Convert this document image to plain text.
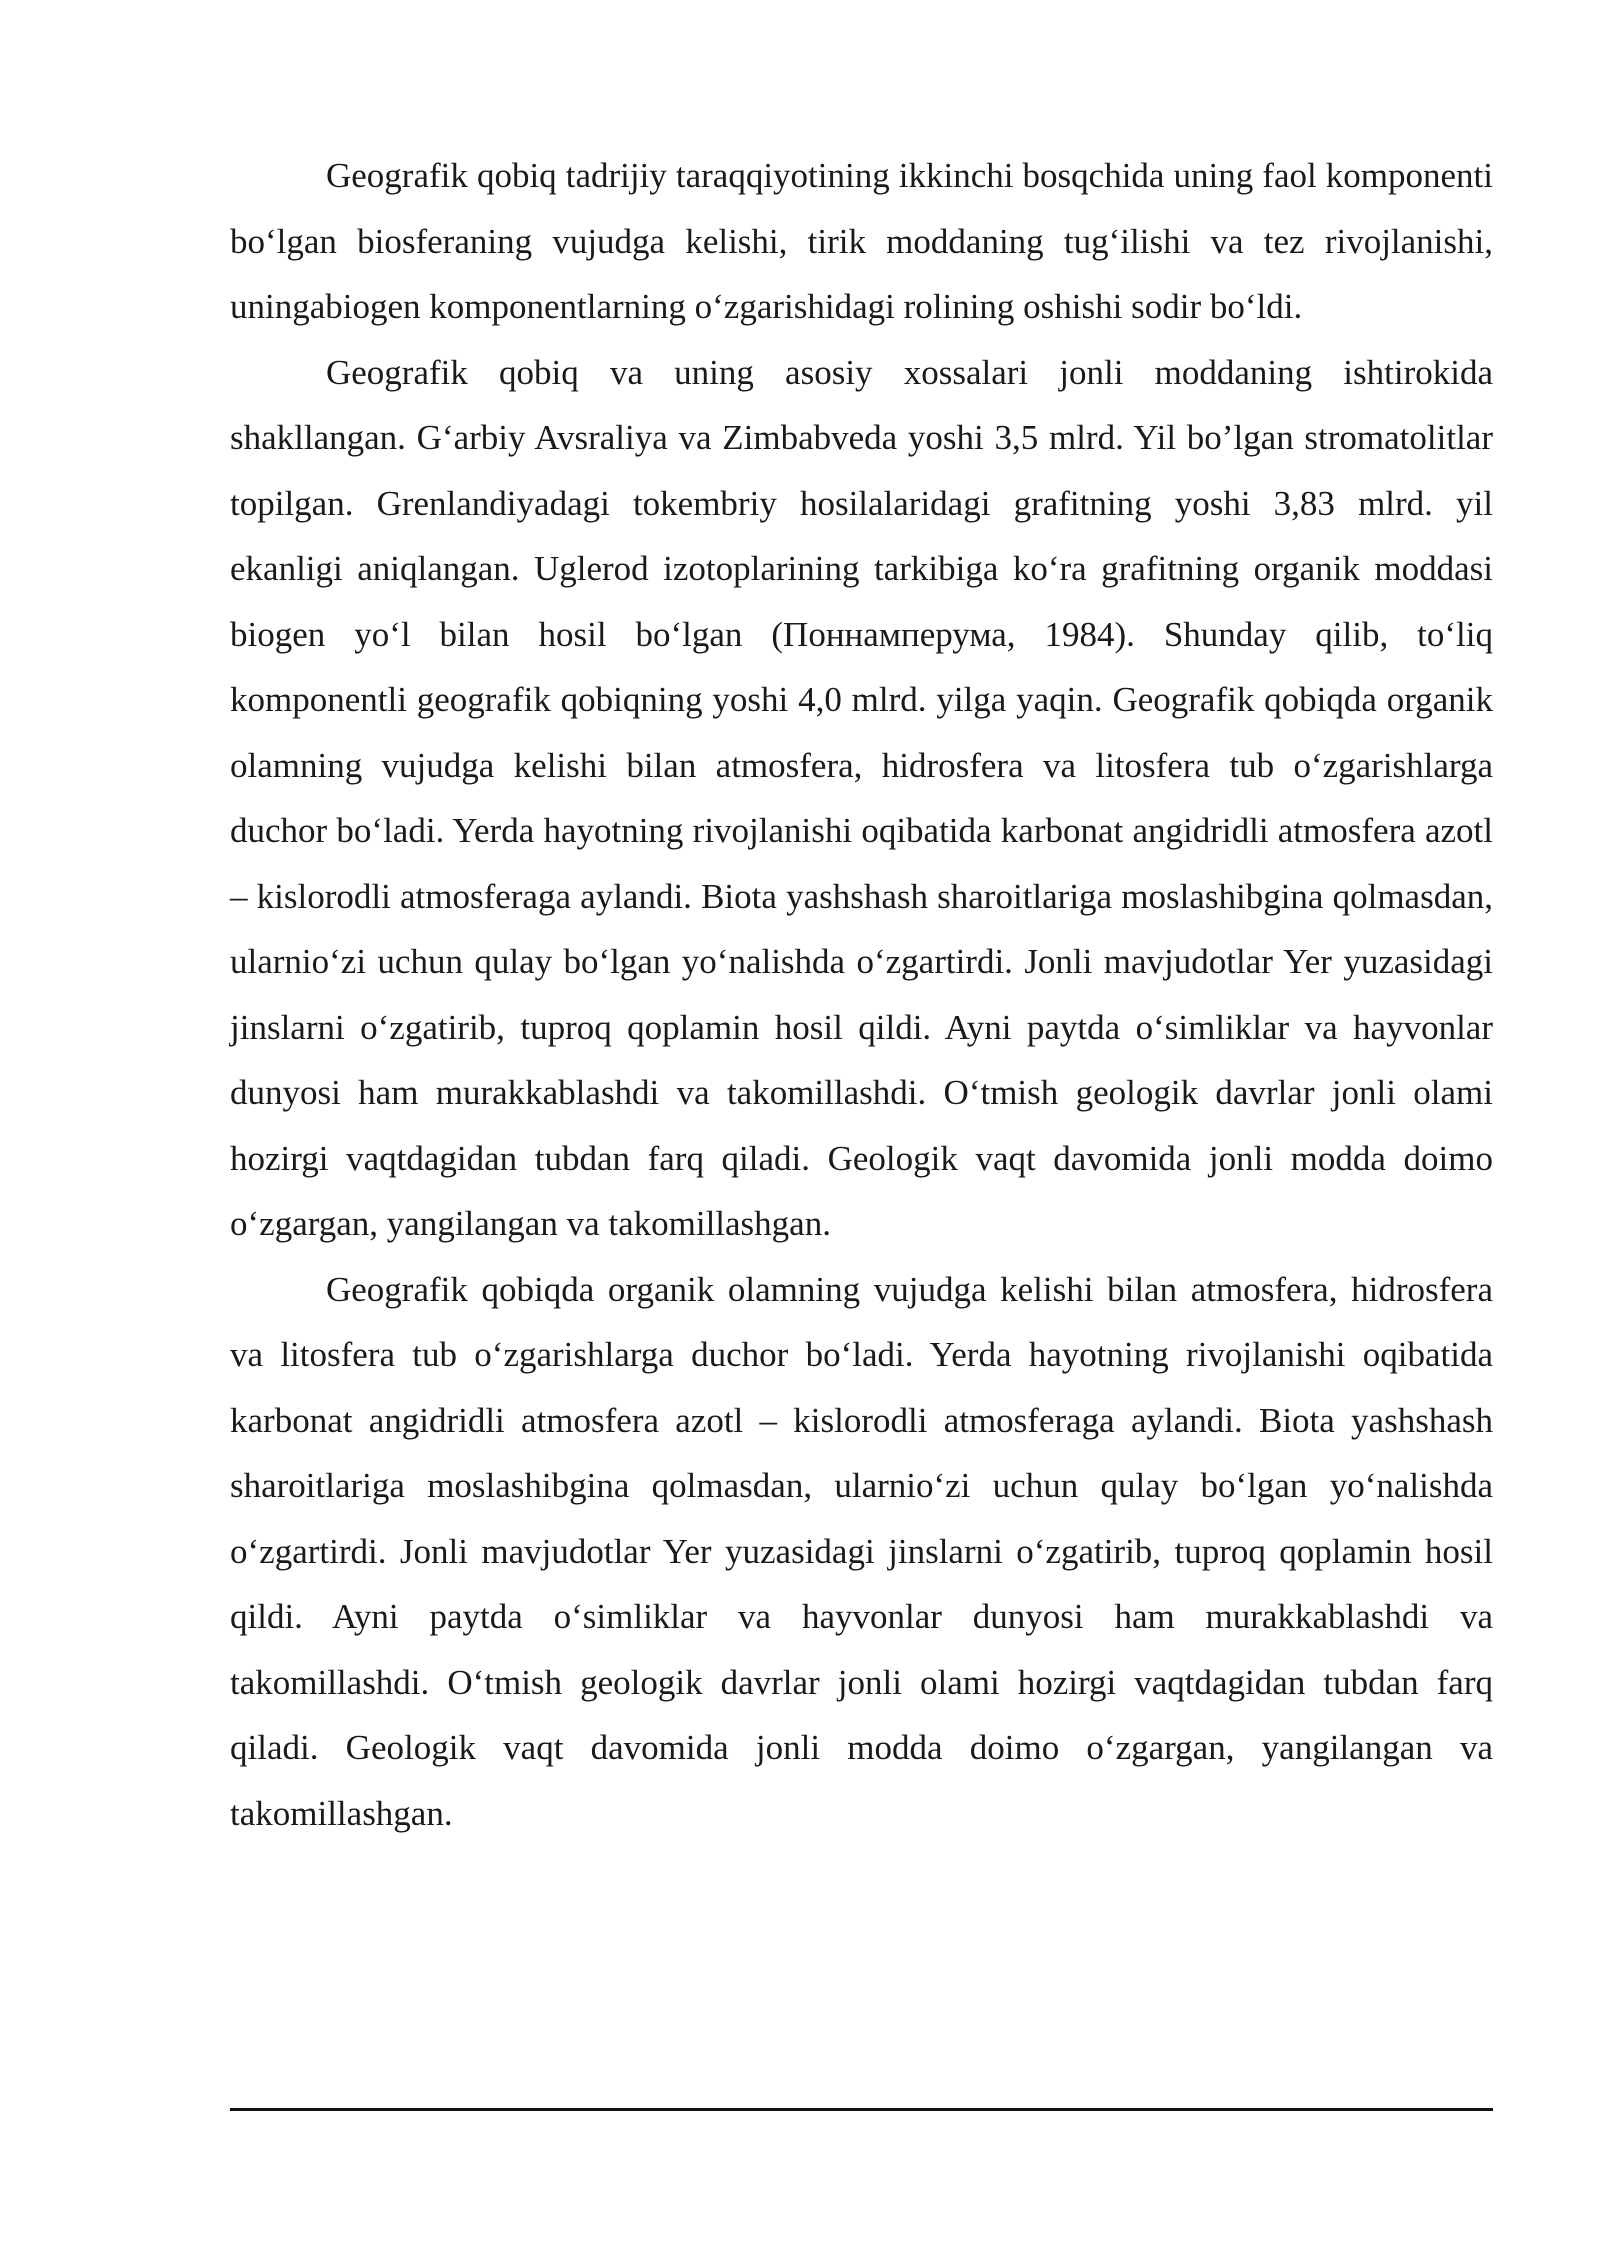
Geografik qobiq tadrijiy taraqqiyotining ikkinchi bosqchida uning faol komponenti bo‘lgan biosferaning vujudga kelishi, tirik moddaning tug‘ilishi va tez rivojlanishi, uningabiogen komponentlarning o‘zgarishidagi rolining oshishi sodir bo‘ldi.

Geografik qobiq va uning asosiy xossalari jonli moddaning ishtirokida shakllangan. G‘arbiy Avsraliya va Zimbabveda yoshi 3,5 mlrd. Yil bo’lgan stromatolitlar topilgan. Grenlandiyadagi tokembriy hosilalaridagi grafitning yoshi 3,83 mlrd. yil ekanligi aniqlangan. Uglerod izotoplarining tarkibiga ko‘ra grafitning organik moddasi biogen yo‘l bilan hosil bo‘lgan (Поннамперума, 1984). Shunday qilib, to‘liq komponentli geografik qobiqning yoshi 4,0 mlrd. yilga yaqin. Geografik qobiqda organik olamning vujudga kelishi bilan atmosfera, hidrosfera va litosfera tub o‘zgarishlarga duchor bo‘ladi. Yerda hayotning rivojlanishi oqibatida karbonat angidridli atmosfera azotl – kislorodli atmosferaga aylandi. Biota yashshash sharoitlariga moslashibgina qolmasdan, ularnio‘zi uchun qulay bo‘lgan yo‘nalishda o‘zgartirdi. Jonli mavjudotlar Yer yuzasidagi jinslarni o‘zgatirib, tuproq qoplamin hosil qildi. Ayni paytda o‘simliklar va hayvonlar dunyosi ham murakkablashdi va takomillashdi. O‘tmish geologik davrlar jonli olami hozirgi vaqtdagidan tubdan farq qiladi. Geologik vaqt davomida jonli modda doimo o‘zgargan, yangilangan va takomillashgan.

Geografik qobiqda organik olamning vujudga kelishi bilan atmosfera, hidrosfera va litosfera tub o‘zgarishlarga duchor bo‘ladi. Yerda hayotning rivojlanishi oqibatida karbonat angidridli atmosfera azotl – kislorodli atmosferaga aylandi. Biota yashshash sharoitlariga moslashibgina qolmasdan, ularnio‘zi uchun qulay bo‘lgan yo‘nalishda o‘zgartirdi. Jonli mavjudotlar Yer yuzasidagi jinslarni o‘zgatirib, tuproq qoplamin hosil qildi. Ayni paytda o‘simliklar va hayvonlar dunyosi ham murakkablashdi va takomillashdi. O‘tmish geologik davrlar jonli olami hozirgi vaqtdagidan tubdan farq qiladi. Geologik vaqt davomida jonli modda doimo o‘zgargan, yangilangan va takomillashgan.
